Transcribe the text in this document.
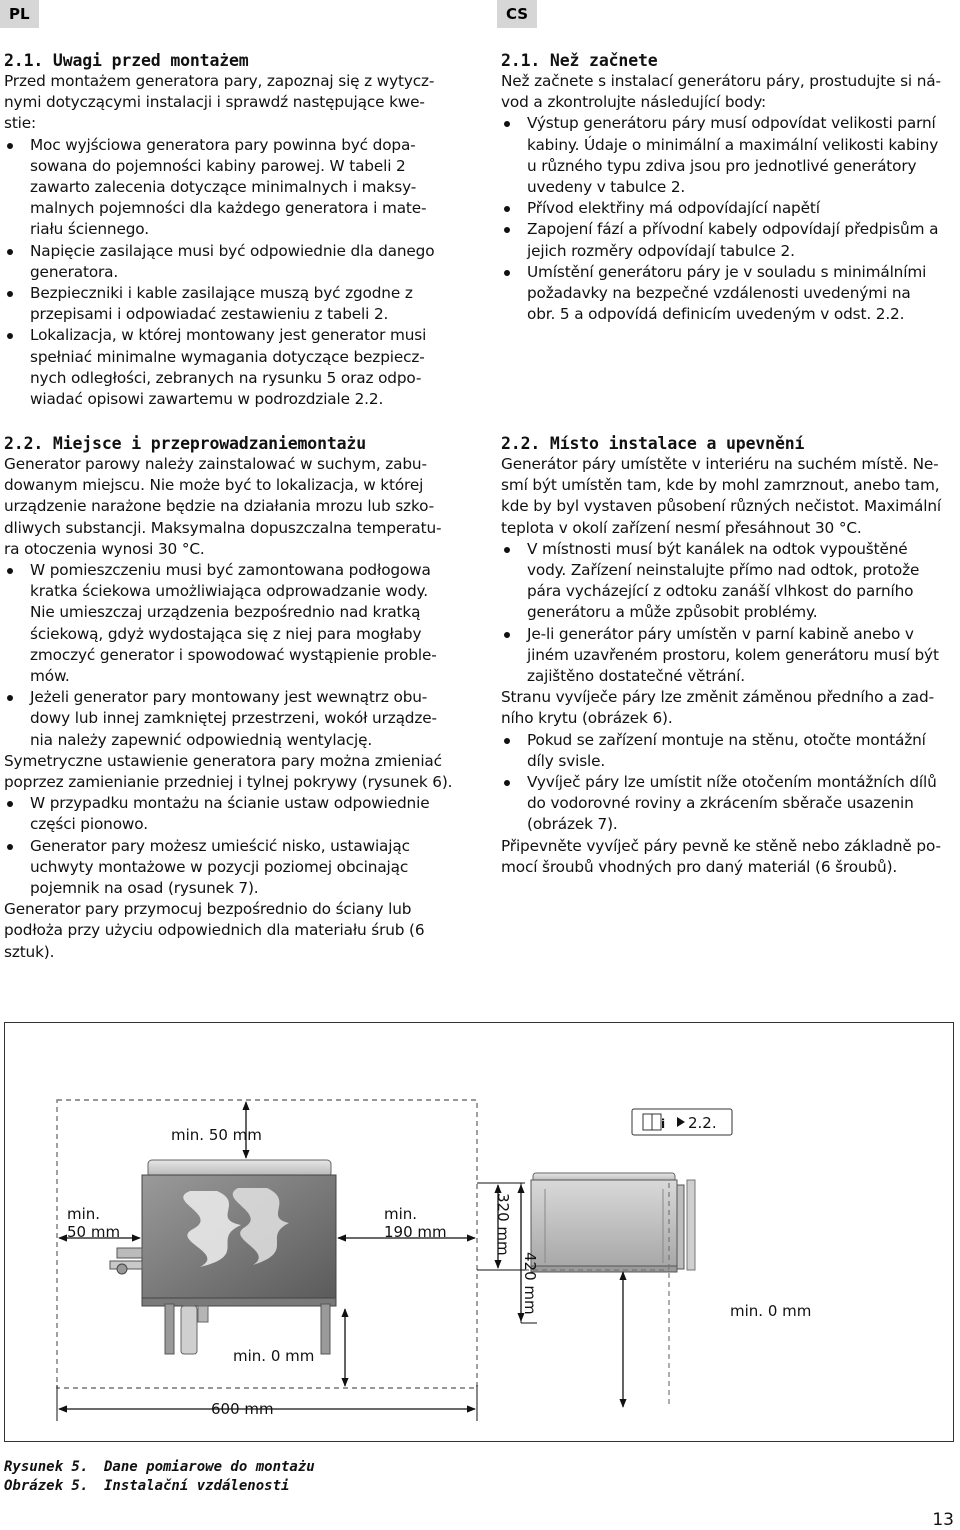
PL	CS
2.1. Uwagi przed montażem
Przed montażem generatora pary, zapoznaj się z wytycz-
nymi dotyczącymi instalacji i sprawdź następujące kwe-
stie:
Moc wyjściowa generatora pary powinna być dopa-
sowana do pojemności kabiny parowej. W tabeli 2
zawarto zalecenia dotyczące minimalnych i maksy-
malnych pojemności dla każdego generatora i mate-
riału ściennego.
Napięcie zasilające musi być odpowiednie dla danego
generatora.
Bezpieczniki i kable zasilające muszą być zgodne z
przepisami i odpowiadać zestawieniu z tabeli 2.
Lokalizacja, w której montowany jest generator musi
spełniać minimalne wymagania dotyczące bezpiecz-
nych odległości, zebranych na rysunku 5 oraz odpo-
wiadać opisowi zawartemu w podrozdziale 2.2.
2.2. Miejsce i przeprowadzaniemontażu
Generator parowy należy zainstalować w suchym, zabu-
dowanym miejscu. Nie może być to lokalizacja, w której
urządzenie narażone będzie na działania mrozu lub szko-
dliwych substancji. Maksymalna dopuszczalna temperatu-
ra otoczenia wynosi 30 °C.
W pomieszczeniu musi być zamontowana podłogowa
kratka ściekowa umożliwiająca odprowadzanie wody.
Nie umieszczaj urządzenia bezpośrednio nad kratką
ściekową, gdyż wydostająca się z niej para mogłaby
zmoczyć generator i spowodować wystąpienie proble-
mów.
Jeżeli generator pary montowany jest wewnątrz obu-
dowy lub innej zamkniętej przestrzeni, wokół urządze-
nia należy zapewnić odpowiednią wentylację.
Symetryczne ustawienie generatora pary można zmieniać
poprzez zamienianie przedniej i tylnej pokrywy (rysunek 6).
W przypadku montażu na ścianie ustaw odpowiednie
części pionowo.
Generator pary możesz umieścić nisko, ustawiając
uchwyty montażowe w pozycji poziomej obcinając
pojemnik na osad (rysunek 7).
Generator pary przymocuj bezpośrednio do ściany lub
podłoża przy użyciu odpowiednich dla materiału śrub (6
sztuk).
2.1. Než začnete
Než začnete s instalací generátoru páry, prostudujte si ná-
vod a zkontrolujte následující body:
Výstup generátoru páry musí odpovídat velikosti parní
kabiny. Údaje o minimální a maximální velikosti kabiny
u různého typu zdiva jsou pro jednotlivé generátory
uvedeny v tabulce 2.
Přívod elektřiny má odpovídající napětí
Zapojení fází a přívodní kabely odpovídají předpisům a
jejich rozměry odpovídají tabulce 2.
Umístění generátoru páry je v souladu s minimálními
požadavky na bezpečné vzdálenosti uvedenými na
obr. 5 a odpovídá definicím uvedeným v odst. 2.2.
2.2. Místo instalace a upevnění
Generátor páry umístěte v interiéru na suchém místě. Ne-
smí být umístěn tam, kde by mohl zamrznout, anebo tam,
kde by byl vystaven působení různých nečistot. Maximální
teplota v okolí zařízení nesmí přesáhnout 30 °C.
V místnosti musí být kanálek na odtok vypouštěné
vody. Zařízení neinstalujte přímo nad odtok, protože
pára vycházející z odtoku zanáší vlhkost do parního
generátoru a může způsobit problémy.
Je-li generátor páry umístěn v parní kabině anebo v
jiném uzavřeném prostoru, kolem generátoru musí být
zajištěno dostatečné větrání.
Stranu vyvíječe páry lze změnit záměnou předního a zad-
ního krytu (obrázek 6).
Pokud se zařízení montuje na stěnu, otočte montážní
díly svisle.
Vyvíječ páry lze umístit níže otočením montážních dílů
do vodorovné roviny a zkrácením sběrače usazenin
(obrázek 7).
Připevněte vyvíječ páry pevně ke stěně nebo základně po-
mocí šroubů vhodných pro daný materiál (6 šroubů).
min. 50 mm
min.
50 mm
min.
190 mm
min. 0 mm
600 mm
320 mm
420 mm	min. 0 mm
i 2.2.
Rysunek 5. Dane pomiarowe do montażu
Obrázek 5. Instalační vzdálenosti
13
